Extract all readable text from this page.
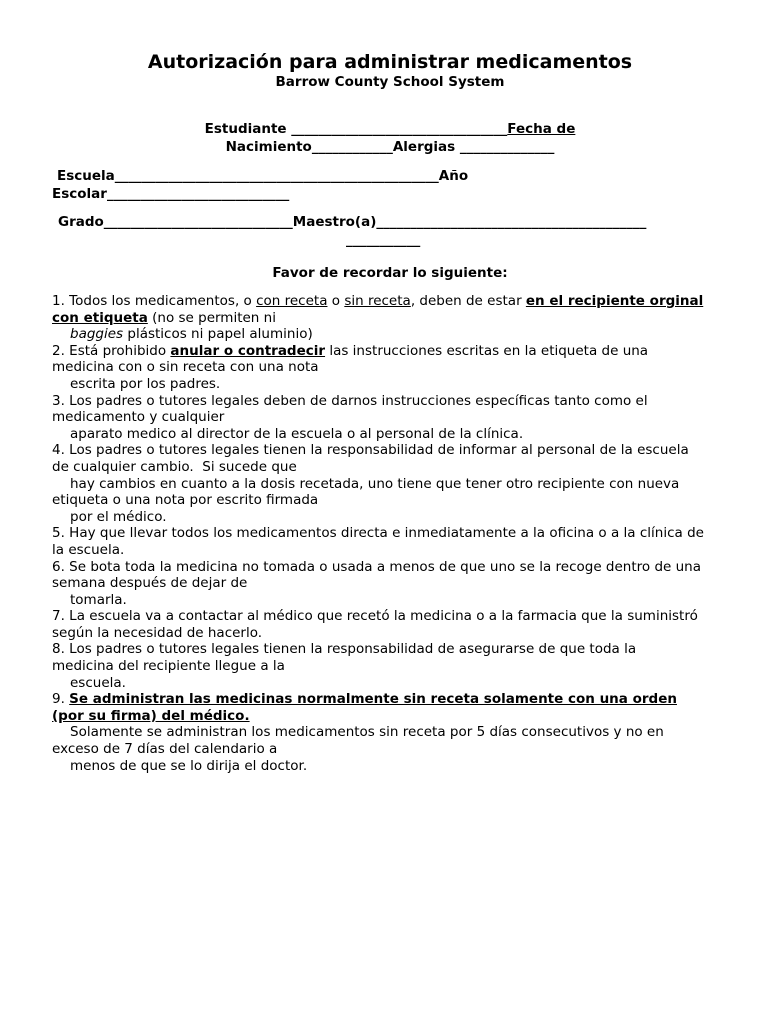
Autorización para administrar medicamentos
Barrow County School System
Estudiante ________________________________Fecha de
Nacimiento____________Alergias ______________
Escuela________________________________________________Año
Escolar___________________________
Grado____________________________Maestro(a)________________________________________
___________
Favor de recordar lo siguiente:
1. Todos los medicamentos, o con receta o sin receta, deben de estar en el recipiente orginal
con etiqueta (no se permiten ni
baggies plásticos ni papel aluminio)
2. Está prohibido anular o contradecir las instrucciones escritas en la etiqueta de una
medicina con o sin receta con una nota
escrita por los padres.
3. Los padres o tutores legales deben de darnos instrucciones específicas tanto como el
medicamento y cualquier
aparato medico al director de la escuela o al personal de la clínica.
4. Los padres o tutores legales tienen la responsabilidad de informar al personal de la escuela
de cualquier cambio.  Si sucede que
hay cambios en cuanto a la dosis recetada, uno tiene que tener otro recipiente con nueva
etiqueta o una nota por escrito firmada
por el médico.
5. Hay que llevar todos los medicamentos directa e inmediatamente a la oficina o a la clínica de
la escuela.
6. Se bota toda la medicina no tomada o usada a menos de que uno se la recoge dentro de una
semana después de dejar de
tomarla.
7. La escuela va a contactar al médico que recetó la medicina o a la farmacia que la suministró
según la necesidad de hacerlo.
8. Los padres o tutores legales tienen la responsabilidad de asegurarse de que toda la
medicina del recipiente llegue a la
escuela.
9. Se administran las medicinas normalmente sin receta solamente con una orden
(por su firma) del médico.
Solamente se administran los medicamentos sin receta por 5 días consecutivos y no en
exceso de 7 días del calendario a
menos de que se lo dirija el doctor.
